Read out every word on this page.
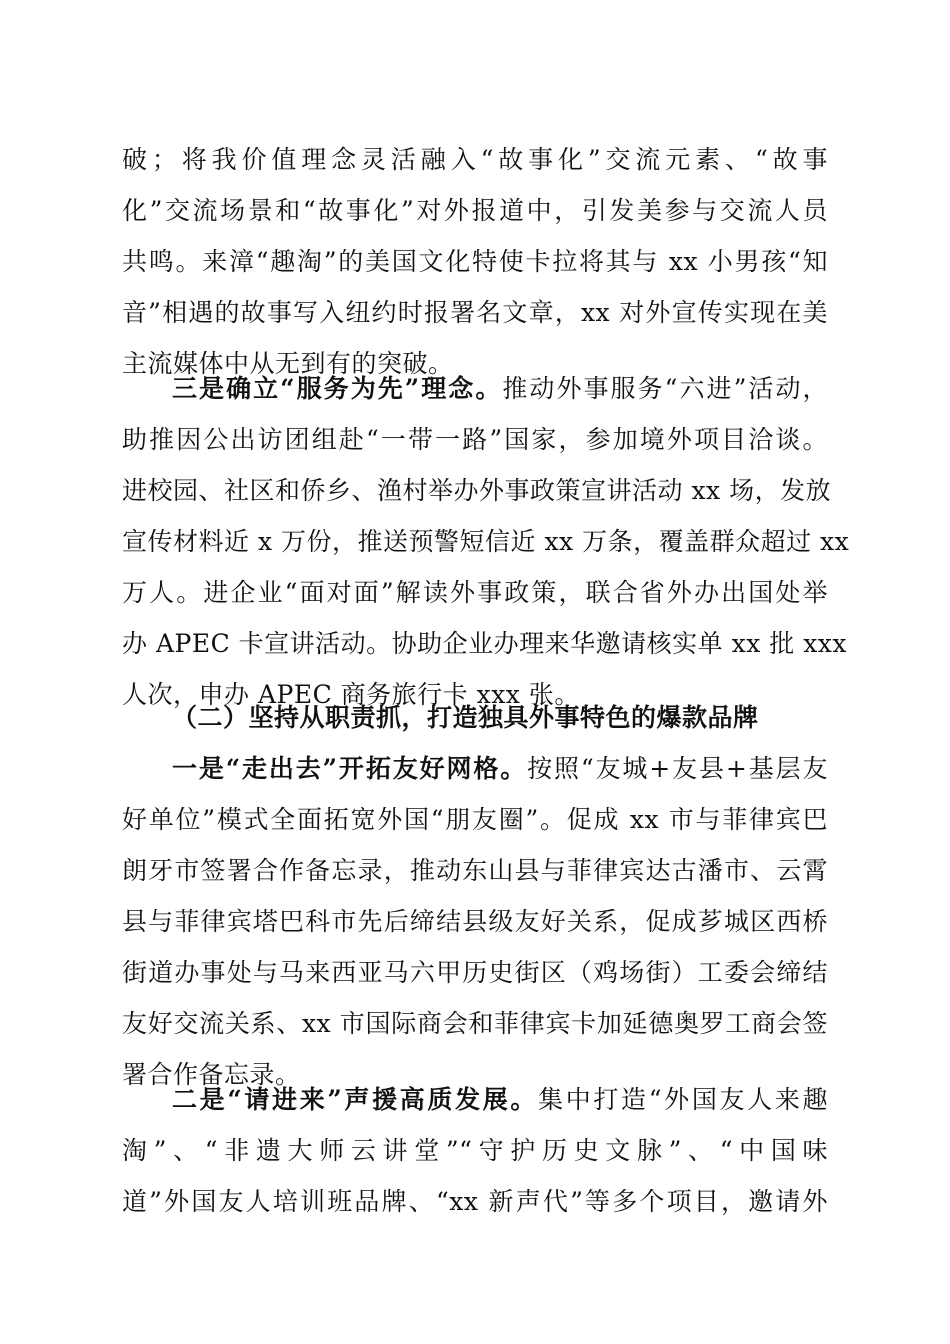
破；将我价值理念灵活融入“故事化”交流元素、“故事
化”交流场景和“故事化”对外报道中，引发美参与交流人员
共鸣。来漳“趣淘”的美国文化特使卡拉将其与 xx 小男孩“知
音”相遇的故事写入纽约时报署名文章，xx 对外宣传实现在美
主流媒体中从无到有的突破。
三是确立“服务为先”理念。推动外事服务“六进”活动，
助推因公出访团组赴“一带一路”国家，参加境外项目洽谈。
进校园、社区和侨乡、渔村举办外事政策宣讲活动 xx 场，发放
宣传材料近 x 万份，推送预警短信近 xx 万条，覆盖群众超过 xx
万人。进企业“面对面”解读外事政策，联合省外办出国处举
办 APEC 卡宣讲活动。协助企业办理来华邀请核实单 xx 批 xxx
人次，申办 APEC 商务旅行卡 xxx 张。
（二）坚持从职责抓，打造独具外事特色的爆款品牌
一是“走出去”开拓友好网格。按照“友城+友县+基层友
好单位”模式全面拓宽外国“朋友圈”。促成 xx 市与菲律宾巴
朗牙市签署合作备忘录，推动东山县与菲律宾达古潘市、云霄
县与菲律宾塔巴科市先后缔结县级友好关系，促成芗城区西桥
街道办事处与马来西亚马六甲历史街区（鸡场街）工委会缔结
友好交流关系、xx 市国际商会和菲律宾卡加延德奥罗工商会签
署合作备忘录。
二是“请进来”声援高质发展。集中打造“外国友人来趣
淘”、“非遗大师云讲堂”“守护历史文脉”、“中国味
道”外国友人培训班品牌、“xx 新声代”等多个项目，邀请外
